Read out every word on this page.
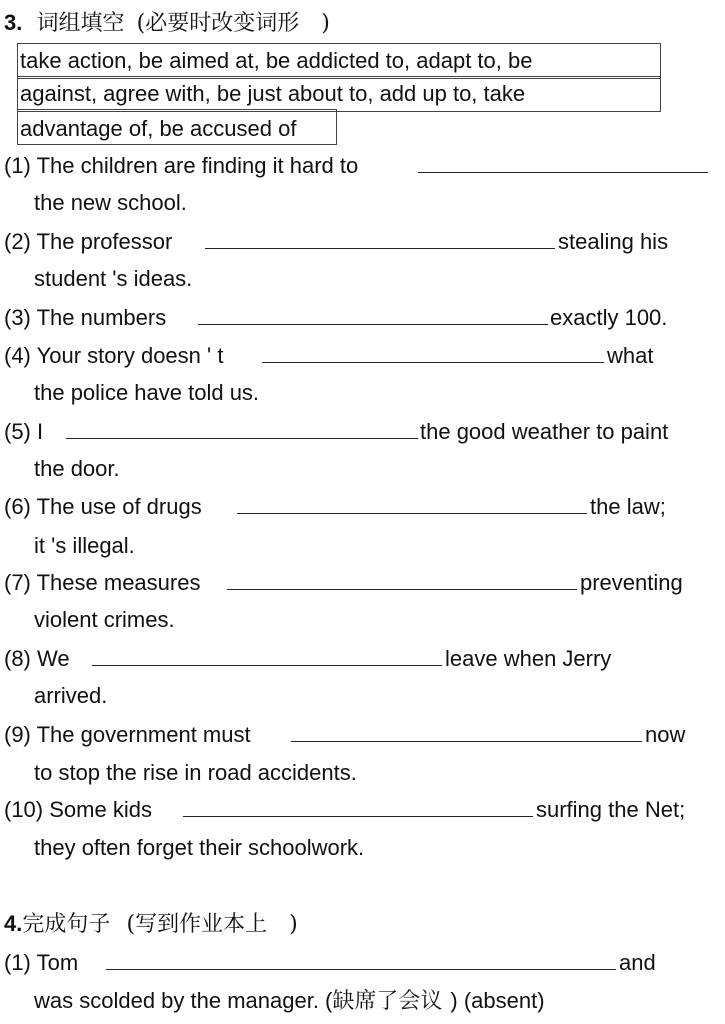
3. 词组填空 (必要时改变词形　)
take action, be aimed at, be addicted to, adapt to, be
against, agree with, be just about to, add up to, take
advantage of, be accused of
(1) The children are finding it hard to
the new school.
(2) The professor	stealing his
student 's ideas.
(3) The numbers	exactly 100.
(4) Your story doesn ' t	what
the police have told us.
(5) I	the good weather to paint
the door.
(6) The use of drugs	the law;
it 's illegal.
(7) These measures	preventing
violent crimes.
(8) We	leave when Jerry
arrived.
(9) The government must	now
to stop the rise in road accidents.
(10) Some kids	surfing the Net;
they often forget their schoolwork.
4.完成句子 (写到作业本上　)
(1) Tom	and
was scolded by the manager. (缺席了会议 ) (absent)
